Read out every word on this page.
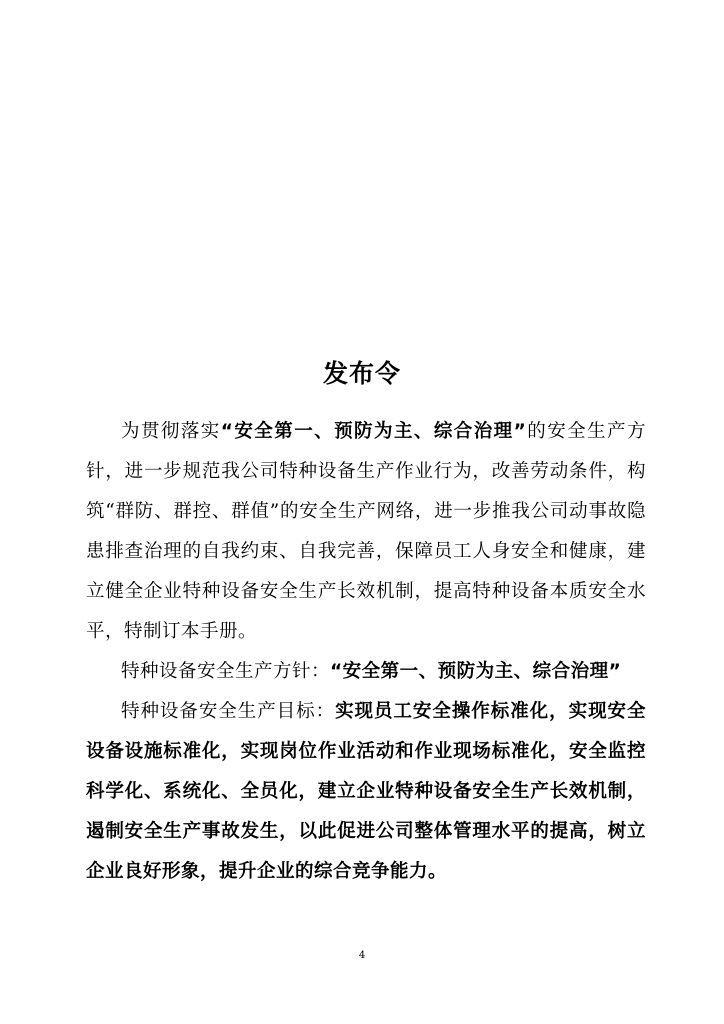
发布令

为贯彻落实“安全第一、预防为主、综合治理”的安全生产方针，进一步规范我公司特种设备生产作业行为，改善劳动条件，构筑“群防、群控、群值”的安全生产网络，进一步推我公司动事故隐患排查治理的自我约束、自我完善，保障员工人身安全和健康，建立健全企业特种设备安全生产长效机制，提高特种设备本质安全水平，特制订本手册。

特种设备安全生产方针：“安全第一、预防为主、综合治理”

特种设备安全生产目标：实现员工安全操作标准化，实现安全设备设施标准化，实现岗位作业活动和作业现场标准化，安全监控科学化、系统化、全员化，建立企业特种设备安全生产长效机制，遏制安全生产事故发生，以此促进公司整体管理水平的提高，树立企业良好形象，提升企业的综合竞争能力。

4
